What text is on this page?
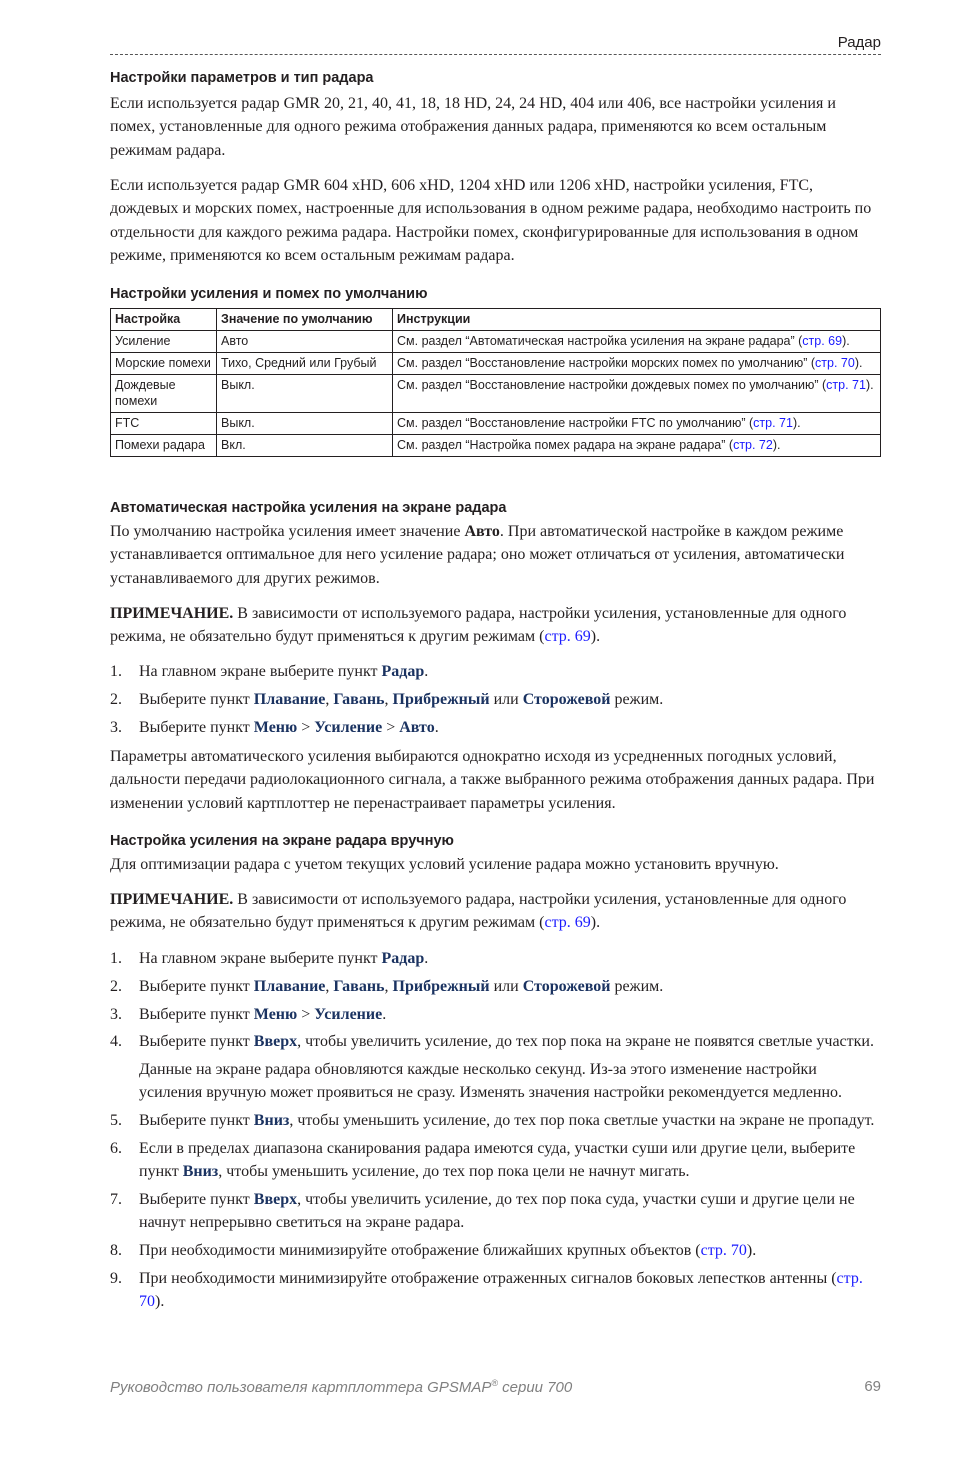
Радар
Настройки параметров и тип радара
Если используется радар GMR 20, 21, 40, 41, 18, 18 HD, 24, 24 HD, 404 или 406, все настройки усиления и помех, установленные для одного режима отображения данных радара, применяются ко всем остальным режимам радара.
Если используется радар GMR 604 xHD, 606 xHD, 1204 xHD или 1206 xHD, настройки усиления, FTC, дождевых и морских помех, настроенные для использования в одном режиме радара, необходимо настроить по отдельности для каждого режима радара. Настройки помех, сконфигурированные для использования в одном режиме, применяются ко всем остальным режимам радара.
Настройки усиления и помех по умолчанию
Настройка	Значение по умолчанию	Инструкции
Усиление	Авто	См. раздел “Автоматическая настройка усиления на экране радара” (стр. 69).
Морские помехи	Тихо, Средний или Грубый	См. раздел “Восстановление настройки морских помех по умолчанию” (стр. 70).
Дождевые помехи	Выкл.	См. раздел “Восстановление настройки дождевых помех по умолчанию” (стр. 71).
FTC	Выкл.	См. раздел “Восстановление настройки FTC по умолчанию” (стр. 71).
Помехи радара	Вкл.	См. раздел “Настройка помех радара на экране радара” (стр. 72).
Автоматическая настройка усиления на экране радара
По умолчанию настройка усиления имеет значение Авто. При автоматической настройке в каждом режиме устанавливается оптимальное для него усиление радара; оно может отличаться от усиления, автоматически устанавливаемого для других режимов.
ПРИМЕЧАНИЕ. В зависимости от используемого радара, настройки усиления, установленные для одного режима, не обязательно будут применяться к другим режимам (стр. 69).
1. На главном экране выберите пункт Радар.
2. Выберите пункт Плавание, Гавань, Прибрежный или Сторожевой режим.
3. Выберите пункт Меню > Усиление > Авто.
Параметры автоматического усиления выбираются однократно исходя из усредненных погодных условий, дальности передачи радиолокационного сигнала, а также выбранного режима отображения данных радара. При изменении условий картплоттер не перенастраивает параметры усиления.
Настройка усиления на экране радара вручную
Для оптимизации радара с учетом текущих условий усиление радара можно установить вручную.
ПРИМЕЧАНИЕ. В зависимости от используемого радара, настройки усиления, установленные для одного режима, не обязательно будут применяться к другим режимам (стр. 69).
1. На главном экране выберите пункт Радар.
2. Выберите пункт Плавание, Гавань, Прибрежный или Сторожевой режим.
3. Выберите пункт Меню > Усиление.
4. Выберите пункт Вверх, чтобы увеличить усиление, до тех пор пока на экране не появятся светлые участки.
Данные на экране радара обновляются каждые несколько секунд. Из-за этого изменение настройки усиления вручную может проявиться не сразу. Изменять значения настройки рекомендуется медленно.
5. Выберите пункт Вниз, чтобы уменьшить усиление, до тех пор пока светлые участки на экране не пропадут.
6. Если в пределах диапазона сканирования радара имеются суда, участки суши или другие цели, выберите пункт Вниз, чтобы уменьшить усиление, до тех пор пока цели не начнут мигать.
7. Выберите пункт Вверх, чтобы увеличить усиление, до тех пор пока суда, участки суши и другие цели не начнут непрерывно светиться на экране радара.
8. При необходимости минимизируйте отображение ближайших крупных объектов (стр. 70).
9. При необходимости минимизируйте отображение отраженных сигналов боковых лепестков антенны (стр. 70).
Руководство пользователя картплоттера GPSMAP® серии 700	69
